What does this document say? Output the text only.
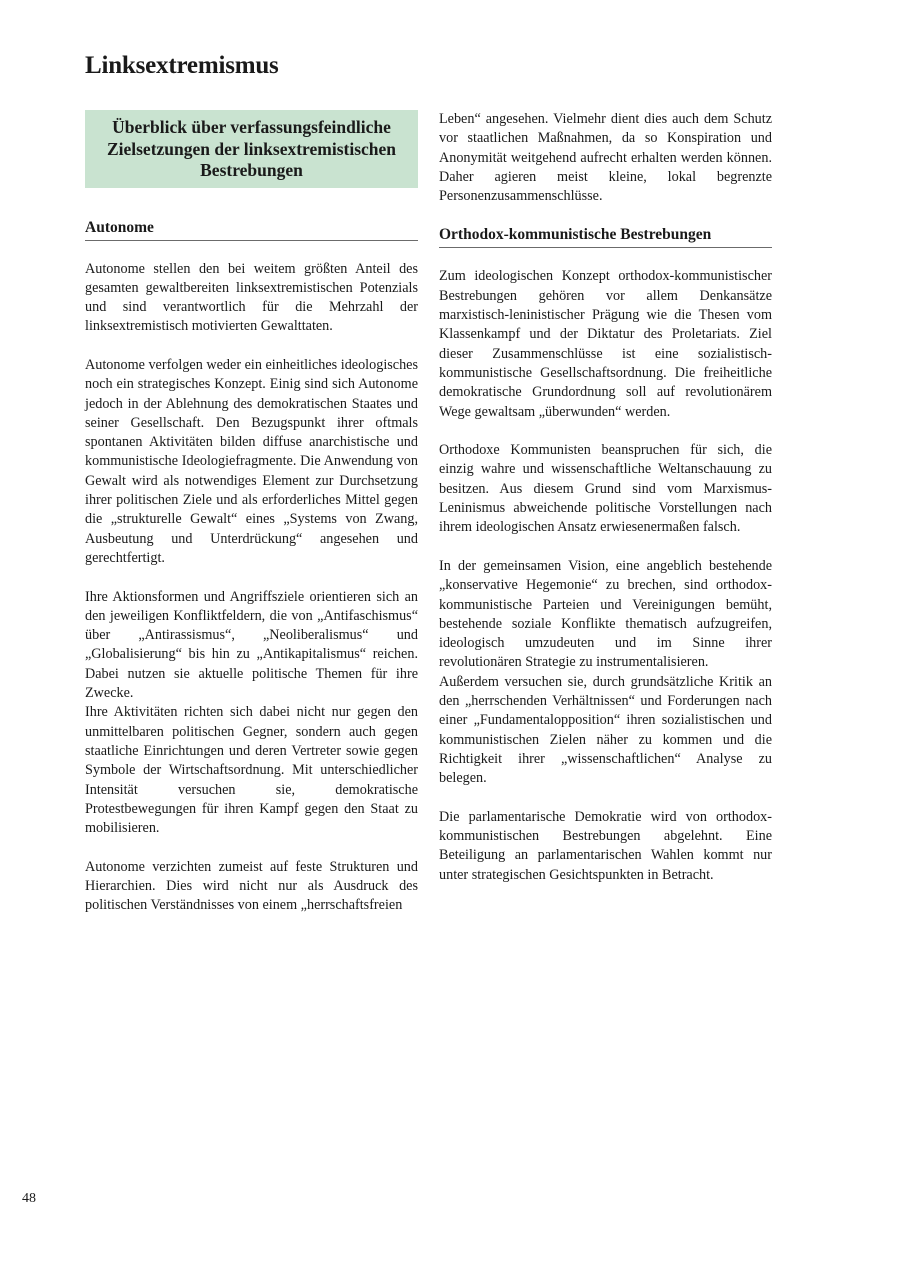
Linksextremismus
Überblick über verfassungsfeindliche Zielsetzungen der linksextremistischen Bestrebungen
Autonome

Autonome stellen den bei weitem größten Anteil des gesamten gewaltbereiten linksextremistischen Potenzials und sind verantwortlich für die Mehrzahl der linksextremistisch motivierten Gewalttaten.

Autonome verfolgen weder ein einheitliches ideologisches noch ein strategisches Konzept. Einig sind sich Autonome jedoch in der Ablehnung des demokratischen Staates und seiner Gesellschaft. Den Bezugspunkt ihrer oftmals spontanen Aktivitäten bilden diffuse anarchistische und kommunistische Ideologiefragmente. Die Anwendung von Gewalt wird als notwendiges Element zur Durchsetzung ihrer politischen Ziele und als erforderliches Mittel gegen die „strukturelle Gewalt“ eines „Systems von Zwang, Ausbeutung und Unterdrückung“ angesehen und gerechtfertigt.

Ihre Aktionsformen und Angriffsziele orientieren sich an den jeweiligen Konfliktfeldern, die von „Antifaschismus“ über „Antirassismus“, „Neoliberalismus“ und „Globalisierung“ bis hin zu „Antikapitalismus“ reichen. Dabei nutzen sie aktuelle politische Themen für ihre Zwecke.

Ihre Aktivitäten richten sich dabei nicht nur gegen den unmittelbaren politischen Gegner, sondern auch gegen staatliche Einrichtungen und deren Vertreter sowie gegen Symbole der Wirtschaftsordnung. Mit unterschiedlicher Intensität versuchen sie, demokratische Protestbewegungen für ihren Kampf gegen den Staat zu mobilisieren.

Autonome verzichten zumeist auf feste Strukturen und Hierarchien. Dies wird nicht nur als Ausdruck des politischen Verständnisses von einem „herrschaftsfreien

Leben“ angesehen. Vielmehr dient dies auch dem Schutz vor staatlichen Maßnahmen, da so Konspiration und Anonymität weitgehend aufrecht erhalten werden können. Daher agieren meist kleine, lokal begrenzte Personenzusammenschlüsse.

Orthodox-kommunistische Bestrebungen

Zum ideologischen Konzept orthodox-kommunistischer Bestrebungen gehören vor allem Denkansätze marxistisch-leninistischer Prägung wie die Thesen vom Klassenkampf und der Diktatur des Proletariats. Ziel dieser Zusammenschlüsse ist eine sozialistisch-kommunistische Gesellschaftsordnung. Die freiheitliche demokratische Grundordnung soll auf revolutionärem Wege gewaltsam „überwunden“ werden.

Orthodoxe Kommunisten beanspruchen für sich, die einzig wahre und wissenschaftliche Weltanschauung zu besitzen. Aus diesem Grund sind vom Marxismus-Leninismus abweichende politische Vorstellungen nach ihrem ideologischen Ansatz erwiesenermaßen falsch.

In der gemeinsamen Vision, eine angeblich bestehende „konservative Hegemonie“ zu brechen, sind orthodox-kommunistische Parteien und Vereinigungen bemüht, bestehende soziale Konflikte thematisch aufzugreifen, ideologisch umzudeuten und im Sinne ihrer revolutionären Strategie zu instrumentalisieren.

Außerdem versuchen sie, durch grundsätzliche Kritik an den „herrschenden Verhältnissen“ und Forderungen nach einer „Fundamentalopposition“ ihren sozialistischen und kommunistischen Zielen näher zu kommen und die Richtigkeit ihrer „wissenschaftlichen“ Analyse zu belegen.

Die parlamentarische Demokratie wird von orthodox-kommunistischen Bestrebungen abgelehnt. Eine Beteiligung an parlamentarischen Wahlen kommt nur unter strategischen Gesichtspunkten in Betracht.

48
